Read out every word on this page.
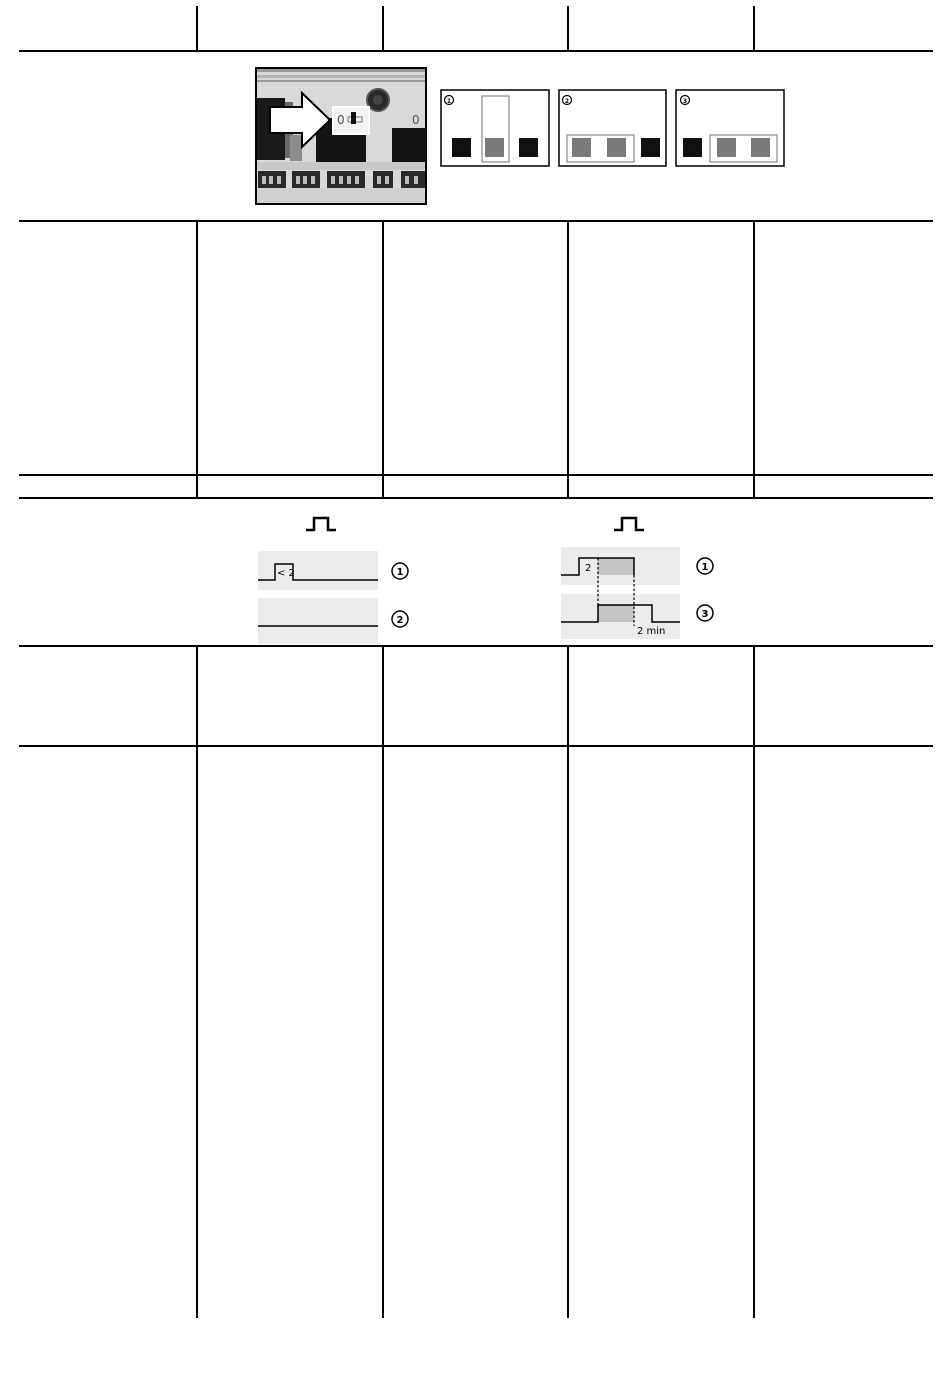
0	0
1	2	3
< 2	1
2
2	1
2 min
3
